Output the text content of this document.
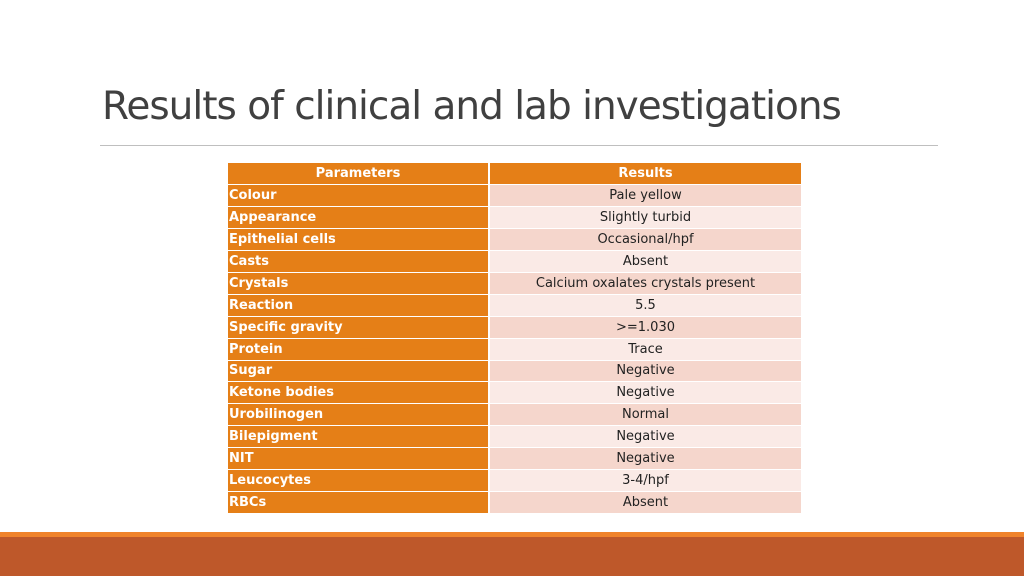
Results of clinical and lab investigations
Parameters	Results
Colour	Pale yellow
Appearance	Slightly turbid
Epithelial cells	Occasional/hpf
Casts	Absent
Crystals	Calcium oxalates crystals present
Reaction	5.5
Specific gravity	>=1.030
Protein	Trace
Sugar	Negative
Ketone bodies	Negative
Urobilinogen	Normal
Bilepigment	Negative
NIT	Negative
Leucocytes	3-4/hpf
RBCs	Absent
